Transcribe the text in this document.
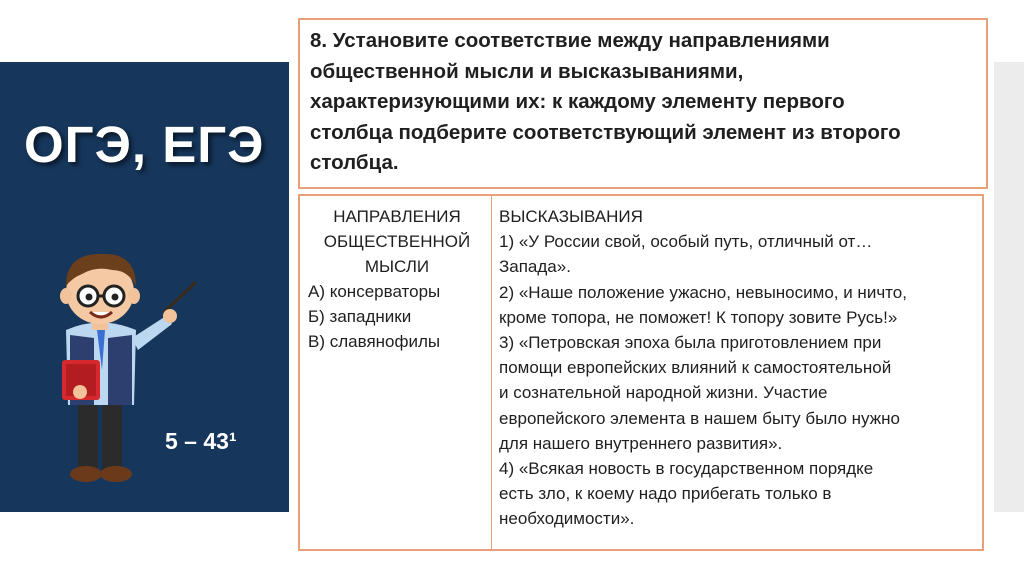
ОГЭ, ЕГЭ
5 – 43¹
8. Установите соответствие между направлениями
общественной мысли и высказываниями,
характеризующими их: к каждому элементу первого
столбца подберите соответствующий элемент из второго
столбца.
НАПРАВЛЕНИЯ
ОБЩЕСТВЕННОЙ
МЫСЛИ
А) консерваторы
Б) западники
В) славянофилы
ВЫСКАЗЫВАНИЯ
1) «У России свой, особый путь, отличный от…
Запада».
2) «Наше положение ужасно, невыносимо, и ничто,
кроме топора, не поможет! К топору зовите Русь!»
3) «Петровская эпоха была приготовлением при
помощи европейских влияний к самостоятельной
и сознательной народной жизни. Участие
европейского элемента в нашем быту было нужно
для нашего внутреннего развития».
4) «Всякая новость в государственном порядке
есть зло, к коему надо прибегать только в
необходимости».
